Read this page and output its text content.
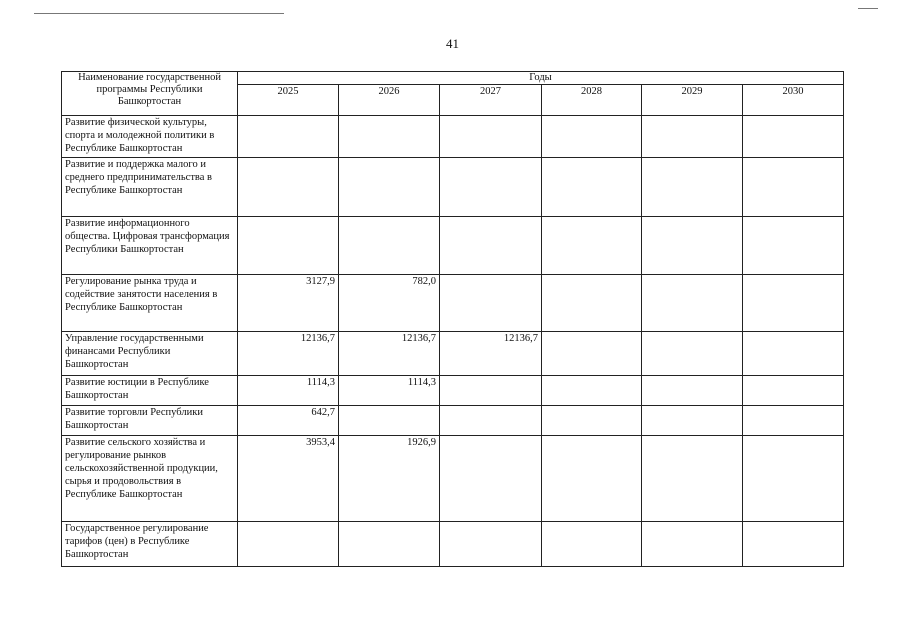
41
Наименование государственной программы Республики Башкортостан	Годы					
	2025	2026	2027	2028	2029	2030
Развитие физической культуры, спорта и молодежной политики в Республике Башкортостан						
Развитие и поддержка малого и среднего предпринимательства в Республике Башкортостан						
Развитие информационного общества. Цифровая трансформация Республики Башкортостан						
Регулирование рынка труда и содействие занятости населения в Республике Башкортостан	3127,9	782,0				
Управление государственными финансами Республики Башкортостан	12136,7	12136,7	12136,7			
Развитие юстиции в Республике Башкортостан	1114,3	1114,3				
Развитие торговли Республики Башкортостан	642,7					
Развитие сельского хозяйства и регулирование рынков сельскохозяйственной продукции, сырья и продовольствия в Республике Башкортостан	3953,4	1926,9				
Государственное регулирование тарифов (цен) в Республике Башкортостан						
